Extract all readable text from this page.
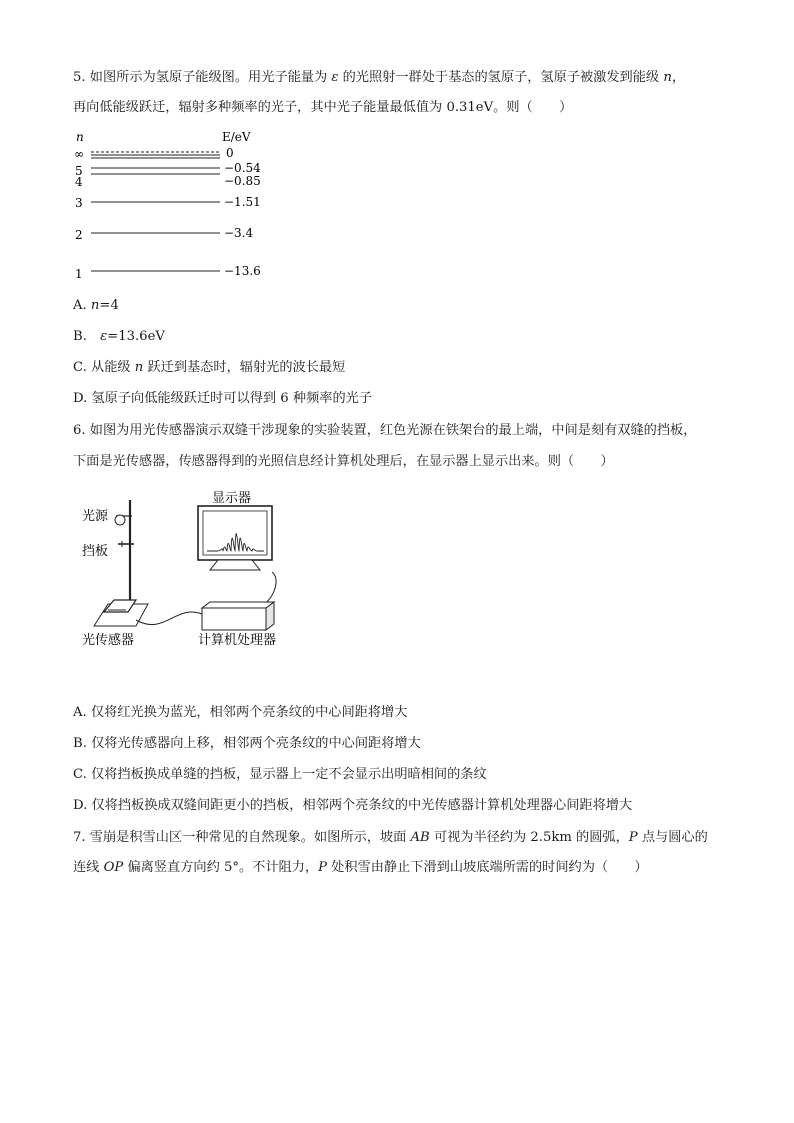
5. 如图所示为氢原子能级图。用光子能量为 ε 的光照射一群处于基态的氢原子，氢原子被激发到能级 n，

再向低能级跃迁，辐射多种频率的光子，其中光子能量最低值为 0.31eV。则（　　）

n	E/eV
∞
5
4
3
2
1
0
−0.54
−0.85
−1.51
−3.4
−13.6

A. n=4

B.　ε=13.6eV

C. 从能级 n 跃迁到基态时，辐射光的波长最短

D. 氢原子向低能级跃迁时可以得到 6 种频率的光子

6. 如图为用光传感器演示双缝干涉现象的实验装置，红色光源在铁架台的最上端，中间是刻有双缝的挡板，

下面是光传感器，传感器得到的光照信息经计算机处理后，在显示器上显示出来。则（　　）

光源
挡板
光传感器
显示器
计算机处理器

A. 仅将红光换为蓝光，相邻两个亮条纹的中心间距将增大

B. 仅将光传感器向上移，相邻两个亮条纹的中心间距将增大

C. 仅将挡板换成单缝的挡板，显示器上一定不会显示出明暗相间的条纹

D. 仅将挡板换成双缝间距更小的挡板，相邻两个亮条纹的中光传感器计算机处理器心间距将增大

7. 雪崩是积雪山区一种常见的自然现象。如图所示，坡面 AB 可视为半径约为 2.5km 的圆弧，P 点与圆心的

连线 OP 偏离竖直方向约 5°。不计阻力，P 处积雪由静止下滑到山坡底端所需的时间约为（　　）
